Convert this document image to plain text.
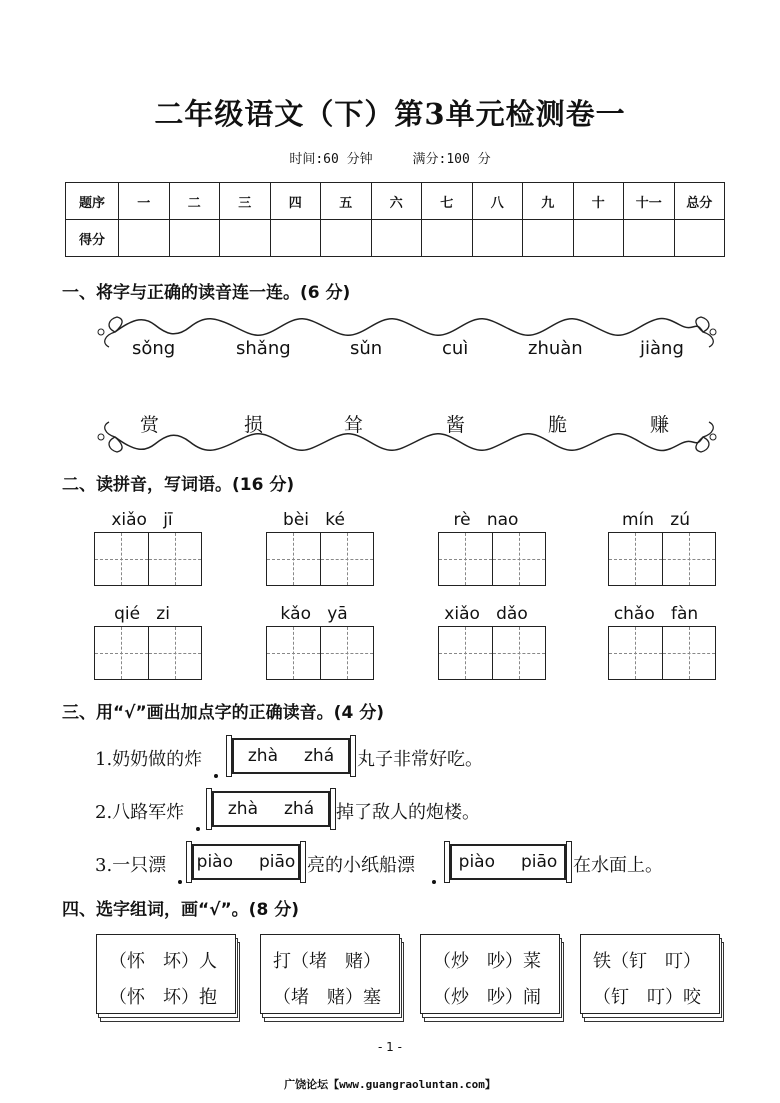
二年级语文（下）第3单元检测卷一
时间:60 分钟	满分:100 分
题序	一	二	三	四	五	六	七	八	九	十	十一	总分
得分												
一、将字与正确的读音连一连。(6 分)
sǒng	shǎng	sǔn	cuì	zhuàn	jiàng
赏	损	耸	酱	脆	赚
二、读拼音，写词语。(16 分)
xiǎo jī	bèi ké	rè nao	mín zú
qié zi	kǎo yā	xiǎo dǎo	chǎo fàn
三、用“√”画出加点字的正确读音。(4 分)
1.奶奶做的炸	zhà zhá 丸子非常好吃。
2.八路军炸	zhà zhá 掉了敌人的炮楼。
3.一只漂 piào piāo 亮的小纸船漂	piào piāo 在水面上。
四、选字组词，画“√”。(8 分)
（怀　坏）人
（怀　坏）抱
打（堵　赌）
（堵　赌）塞
（炒　吵）菜
（炒　吵）闹
铁（钉　叮）
（钉　叮）咬
- 1 -
广饶论坛【www.guangraoluntan.com】
